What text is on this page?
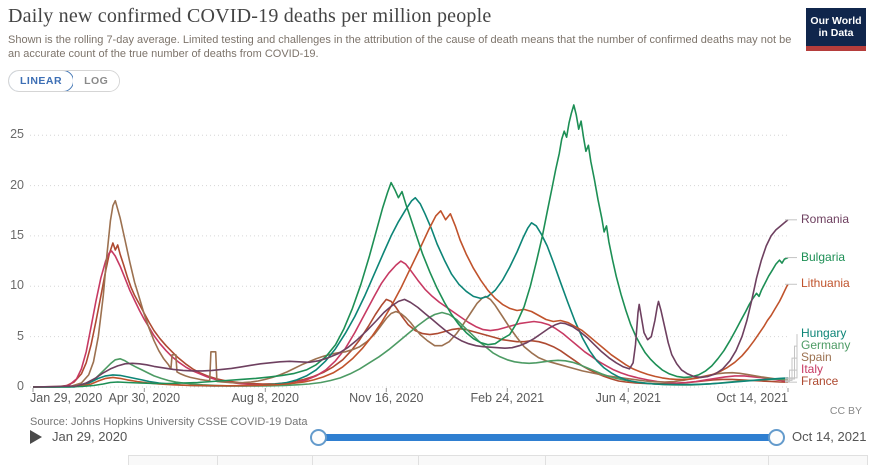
Daily new confirmed COVID-19 deaths per million people
Shown is the rolling 7-day average. Limited testing and challenges in the attribution of the cause of death means that the number of confirmed deaths may not be an accurate count of the true number of deaths from COVID-19.
Our World
in Data
LINEAR	LOG
0
5
10
15
20
25
Jan 29, 2020 Apr 30, 2020	Aug 8, 2020	Nov 16, 2020	Feb 24, 2021	Jun 4, 2021	Oct 14, 2021
Romania
Bulgaria
Lithuania
Hungary
Germany
Spain
Italy
France
Source: Johns Hopkins University CSSE COVID-19 Data
CC BY
Jan 29, 2020	Oct 14, 2021
